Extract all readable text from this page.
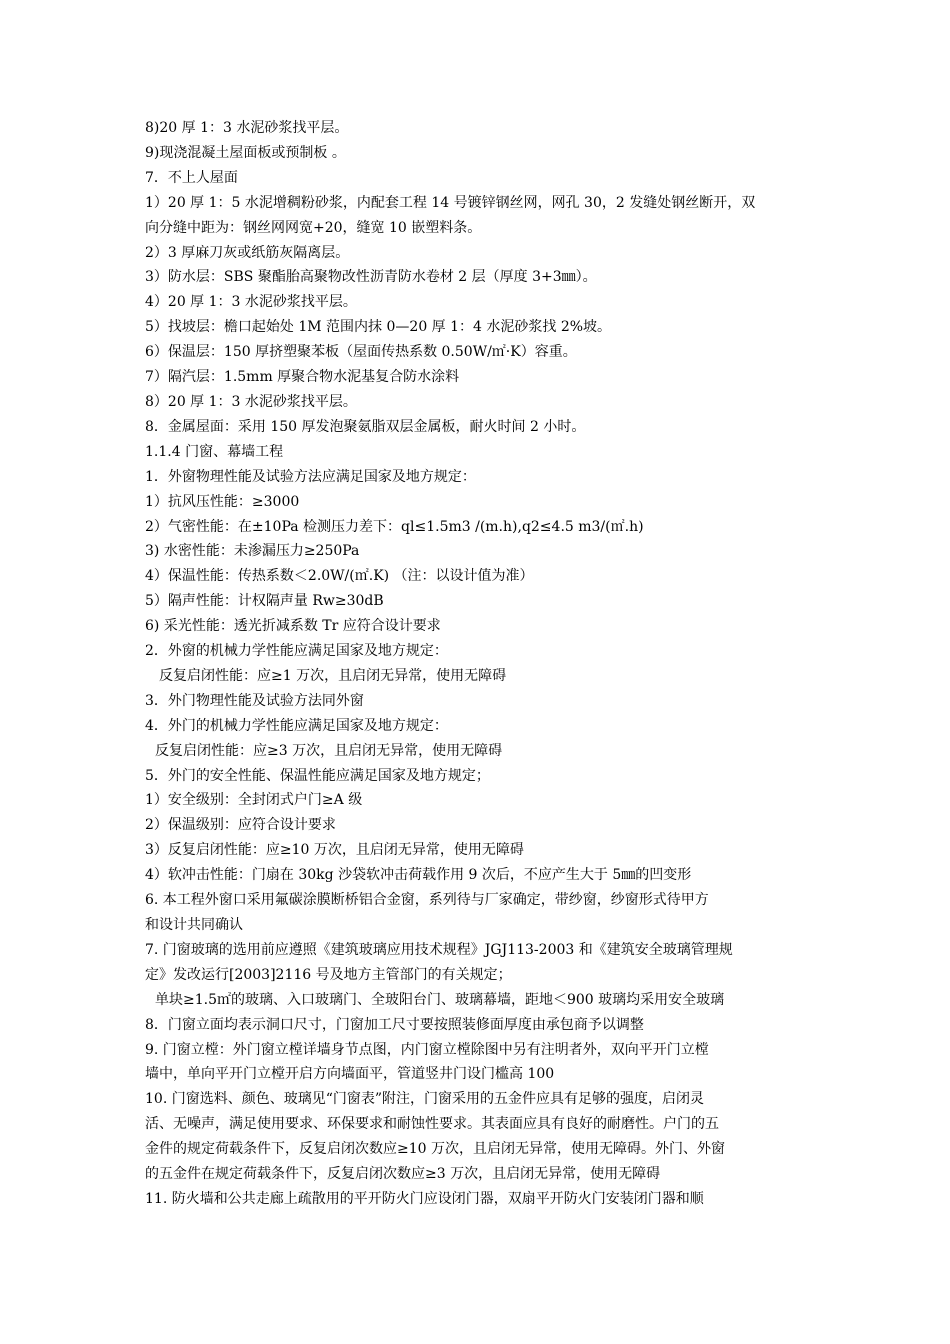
8)20 厚 1：3 水泥砂浆找平层。
9)现浇混凝土屋面板或预制板 。
7．不上人屋面
1）20 厚 1：5 水泥增稠粉砂浆，内配套工程 14 号镀锌钢丝网，网孔 30，2 发缝处钢丝断开，双
向分缝中距为：钢丝网网宽+20，缝宽 10 嵌塑料条。
2）3 厚麻刀灰或纸筋灰隔离层。
3）防水层：SBS 聚酯胎高聚物改性沥青防水卷材 2 层（厚度 3+3㎜）。
4）20 厚 1：3 水泥砂浆找平层。
5）找坡层：檐口起始处 1M 范围内抹 0—20 厚 1：4 水泥砂浆找 2%坡。
6）保温层：150 厚挤塑聚苯板（屋面传热系数 0.50W/㎡·K）容重。
7）隔汽层：1.5mm 厚聚合物水泥基复合防水涂料
8）20 厚 1：3 水泥砂浆找平层。
8．金属屋面：采用 150 厚发泡聚氨脂双层金属板，耐火时间 2 小时。
1.1.4 门窗、幕墙工程
1．外窗物理性能及试验方法应满足国家及地方规定：
1）抗风压性能：≥3000
2）气密性能：在±10Pa 检测压力差下：ql≤1.5m3 /(m.h),q2≤4.5 m3/(㎡.h)
3) 水密性能：未渗漏压力≥250Pa
4）保温性能：传热系数＜2.0W/(㎡.K) （注：以设计值为准）
5）隔声性能：计权隔声量 Rw≥30dB
6) 采光性能：透光折减系数 Tr 应符合设计要求
2．外窗的机械力学性能应满足国家及地方规定：
反复启闭性能：应≥1 万次，且启闭无异常，使用无障碍
3．外门物理性能及试验方法同外窗
4．外门的机械力学性能应满足国家及地方规定：
反复启闭性能：应≥3 万次，且启闭无异常，使用无障碍
5．外门的安全性能、保温性能应满足国家及地方规定；
1）安全级别：全封闭式户门≥A 级
2）保温级别：应符合设计要求
3）反复启闭性能：应≥10 万次，且启闭无异常，使用无障碍
4）软冲击性能：门扇在 30kg 沙袋软冲击荷载作用 9 次后，不应产生大于 5㎜的凹变形
6. 本工程外窗口采用氟碳涂膜断桥铝合金窗，系列待与厂家确定，带纱窗，纱窗形式待甲方
和设计共同确认
7. 门窗玻璃的选用前应遵照《建筑玻璃应用技术规程》JGJ113-2003 和《建筑安全玻璃管理规
定》发改运行[2003]2116 号及地方主管部门的有关规定；
单块≥1.5㎡的玻璃、入口玻璃门、全玻阳台门、玻璃幕墙，距地＜900 玻璃均采用安全玻璃
8．门窗立面均表示洞口尺寸，门窗加工尺寸要按照装修面厚度由承包商予以调整
9. 门窗立樘：外门窗立樘详墙身节点图，内门窗立樘除图中另有注明者外，双向平开门立樘
墙中，单向平开门立樘开启方向墙面平，管道竖井门设门槛高 100
10. 门窗选料、颜色、玻璃见“门窗表”附注，门窗采用的五金件应具有足够的强度，启闭灵
活、无噪声，满足使用要求、环保要求和耐蚀性要求。其表面应具有良好的耐磨性。户门的五
金件的规定荷载条件下，反复启闭次数应≥10 万次，且启闭无异常，使用无障碍。外门、外窗
的五金件在规定荷载条件下，反复启闭次数应≥3 万次，且启闭无异常，使用无障碍
11. 防火墙和公共走廊上疏散用的平开防火门应设闭门器，双扇平开防火门安装闭门器和顺
